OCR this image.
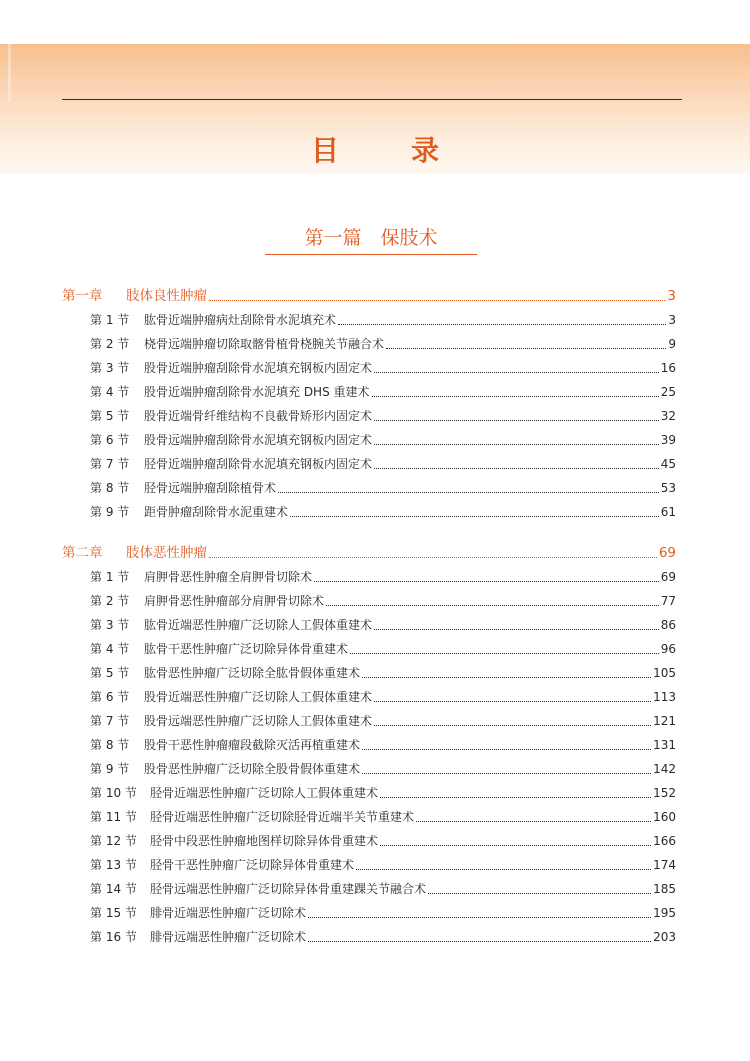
目　录
第一篇　保肢术
第一章	肢体良性肿瘤	3
第 1 节	肱骨近端肿瘤病灶刮除骨水泥填充术	3
第 2 节	桡骨远端肿瘤切除取髂骨植骨桡腕关节融合术	9
第 3 节	股骨近端肿瘤刮除骨水泥填充钢板内固定术	16
第 4 节	股骨近端肿瘤刮除骨水泥填充 DHS 重建术	25
第 5 节	股骨近端骨纤维结构不良截骨矫形内固定术	32
第 6 节	股骨远端肿瘤刮除骨水泥填充钢板内固定术	39
第 7 节	胫骨近端肿瘤刮除骨水泥填充钢板内固定术	45
第 8 节	胫骨远端肿瘤刮除植骨术	53
第 9 节	距骨肿瘤刮除骨水泥重建术	61
第二章	肢体恶性肿瘤	69
第 1 节	肩胛骨恶性肿瘤全肩胛骨切除术	69
第 2 节	肩胛骨恶性肿瘤部分肩胛骨切除术	77
第 3 节	肱骨近端恶性肿瘤广泛切除人工假体重建术	86
第 4 节	肱骨干恶性肿瘤广泛切除异体骨重建术	96
第 5 节	肱骨恶性肿瘤广泛切除全肱骨假体重建术	105
第 6 节	股骨近端恶性肿瘤广泛切除人工假体重建术	113
第 7 节	股骨远端恶性肿瘤广泛切除人工假体重建术	121
第 8 节	股骨干恶性肿瘤瘤段截除灭活再植重建术	131
第 9 节	股骨恶性肿瘤广泛切除全股骨假体重建术	142
第 10 节	胫骨近端恶性肿瘤广泛切除人工假体重建术	152
第 11 节	胫骨近端恶性肿瘤广泛切除胫骨近端半关节重建术	160
第 12 节	胫骨中段恶性肿瘤地图样切除异体骨重建术	166
第 13 节	胫骨干恶性肿瘤广泛切除异体骨重建术	174
第 14 节	胫骨远端恶性肿瘤广泛切除异体骨重建踝关节融合术	185
第 15 节	腓骨近端恶性肿瘤广泛切除术	195
第 16 节	腓骨远端恶性肿瘤广泛切除术	203
